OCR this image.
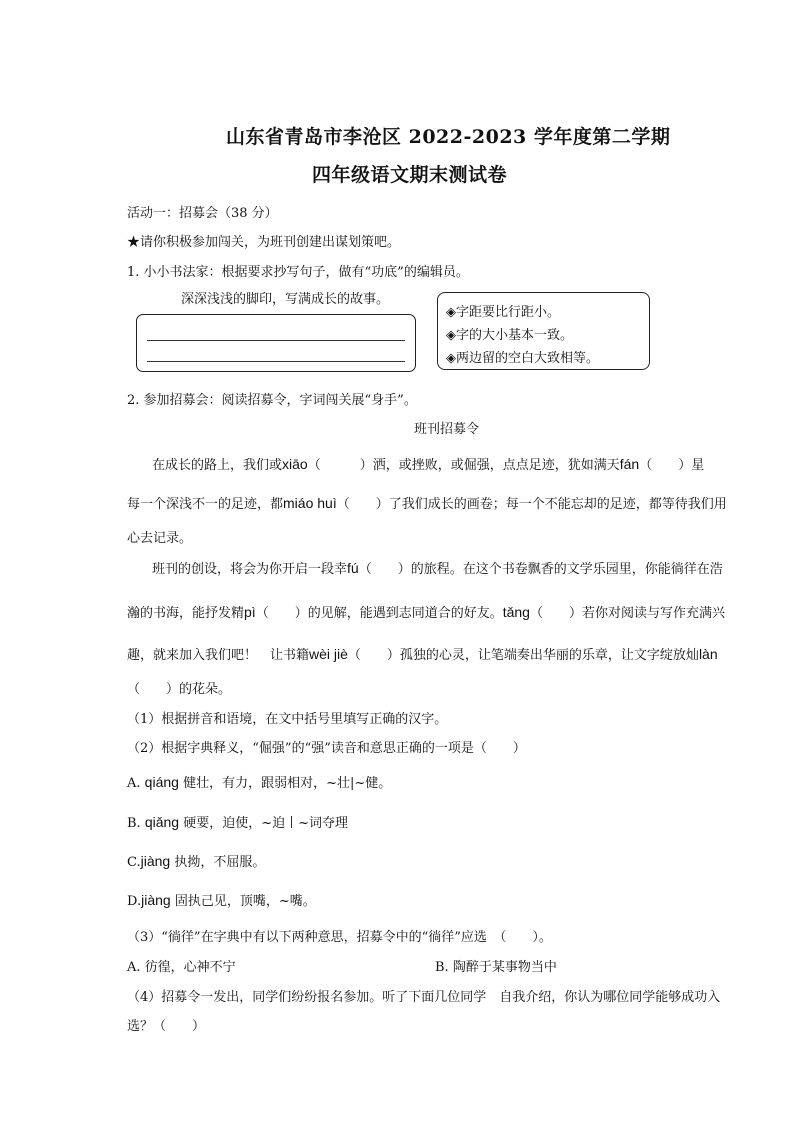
山东省青岛市李沧区 2022-2023 学年度第二学期
四年级语文期末测试卷
活动一：招募会（38 分）
★请你积极参加闯关，为班刊创建出谋划策吧。
1. 小小书法家：根据要求抄写句子，做有“功底”的编辑员。
深深浅浅的脚印，写满成长的故事。
◈字距要比行距小。
◈字的大小基本一致。
◈两边留的空白大致相等。
2. 参加招募会：阅读招募令，字词闯关展“身手”。
班刊招募令
在成长的路上，我们或xiāo（　　　）洒，或挫败，或倔强，点点足迹，犹如满天fán（　　）星
每一个深浅不一的足迹，都miáo huì（　　）了我们成长的画卷；每一个不能忘却的足迹，都等待我们用
心去记录。
班刊的创设，将会为你开启一段幸fú（　　）的旅程。在这个书卷飘香的文学乐园里，你能徜徉在浩
瀚的书海，能抒发精pì（　　）的见解，能遇到志同道合的好友。tǎng（　　）若你对阅读与写作充满兴
趣，就来加入我们吧！　让书籍wèi jiè（　　）孤独的心灵，让笔端奏出华丽的乐章，让文字绽放灿làn
（　　）的花朵。
（1）根据拼音和语境，在文中括号里填写正确的汉字。
（2）根据字典释义，“倔强”的“强”读音和意思正确的一项是（　　）
A. qiáng 健壮，有力，跟弱相对，~壮|~健。
B. qiǎng 硬要，迫使，~迫丨~词夺理
C.jiàng 执拗，不屈服。
D.jiàng 固执己见，顶嘴，~嘴。
（3）“徜徉”在字典中有以下两种意思，招募令中的“徜徉”应选　（　　）。
A. 彷徨，心神不宁	B. 陶醉于某事物当中
（4）招募令一发出，同学们纷纷报名参加。听了下面几位同学　自我介绍，你认为哪位同学能够成功入
选？（　　）
